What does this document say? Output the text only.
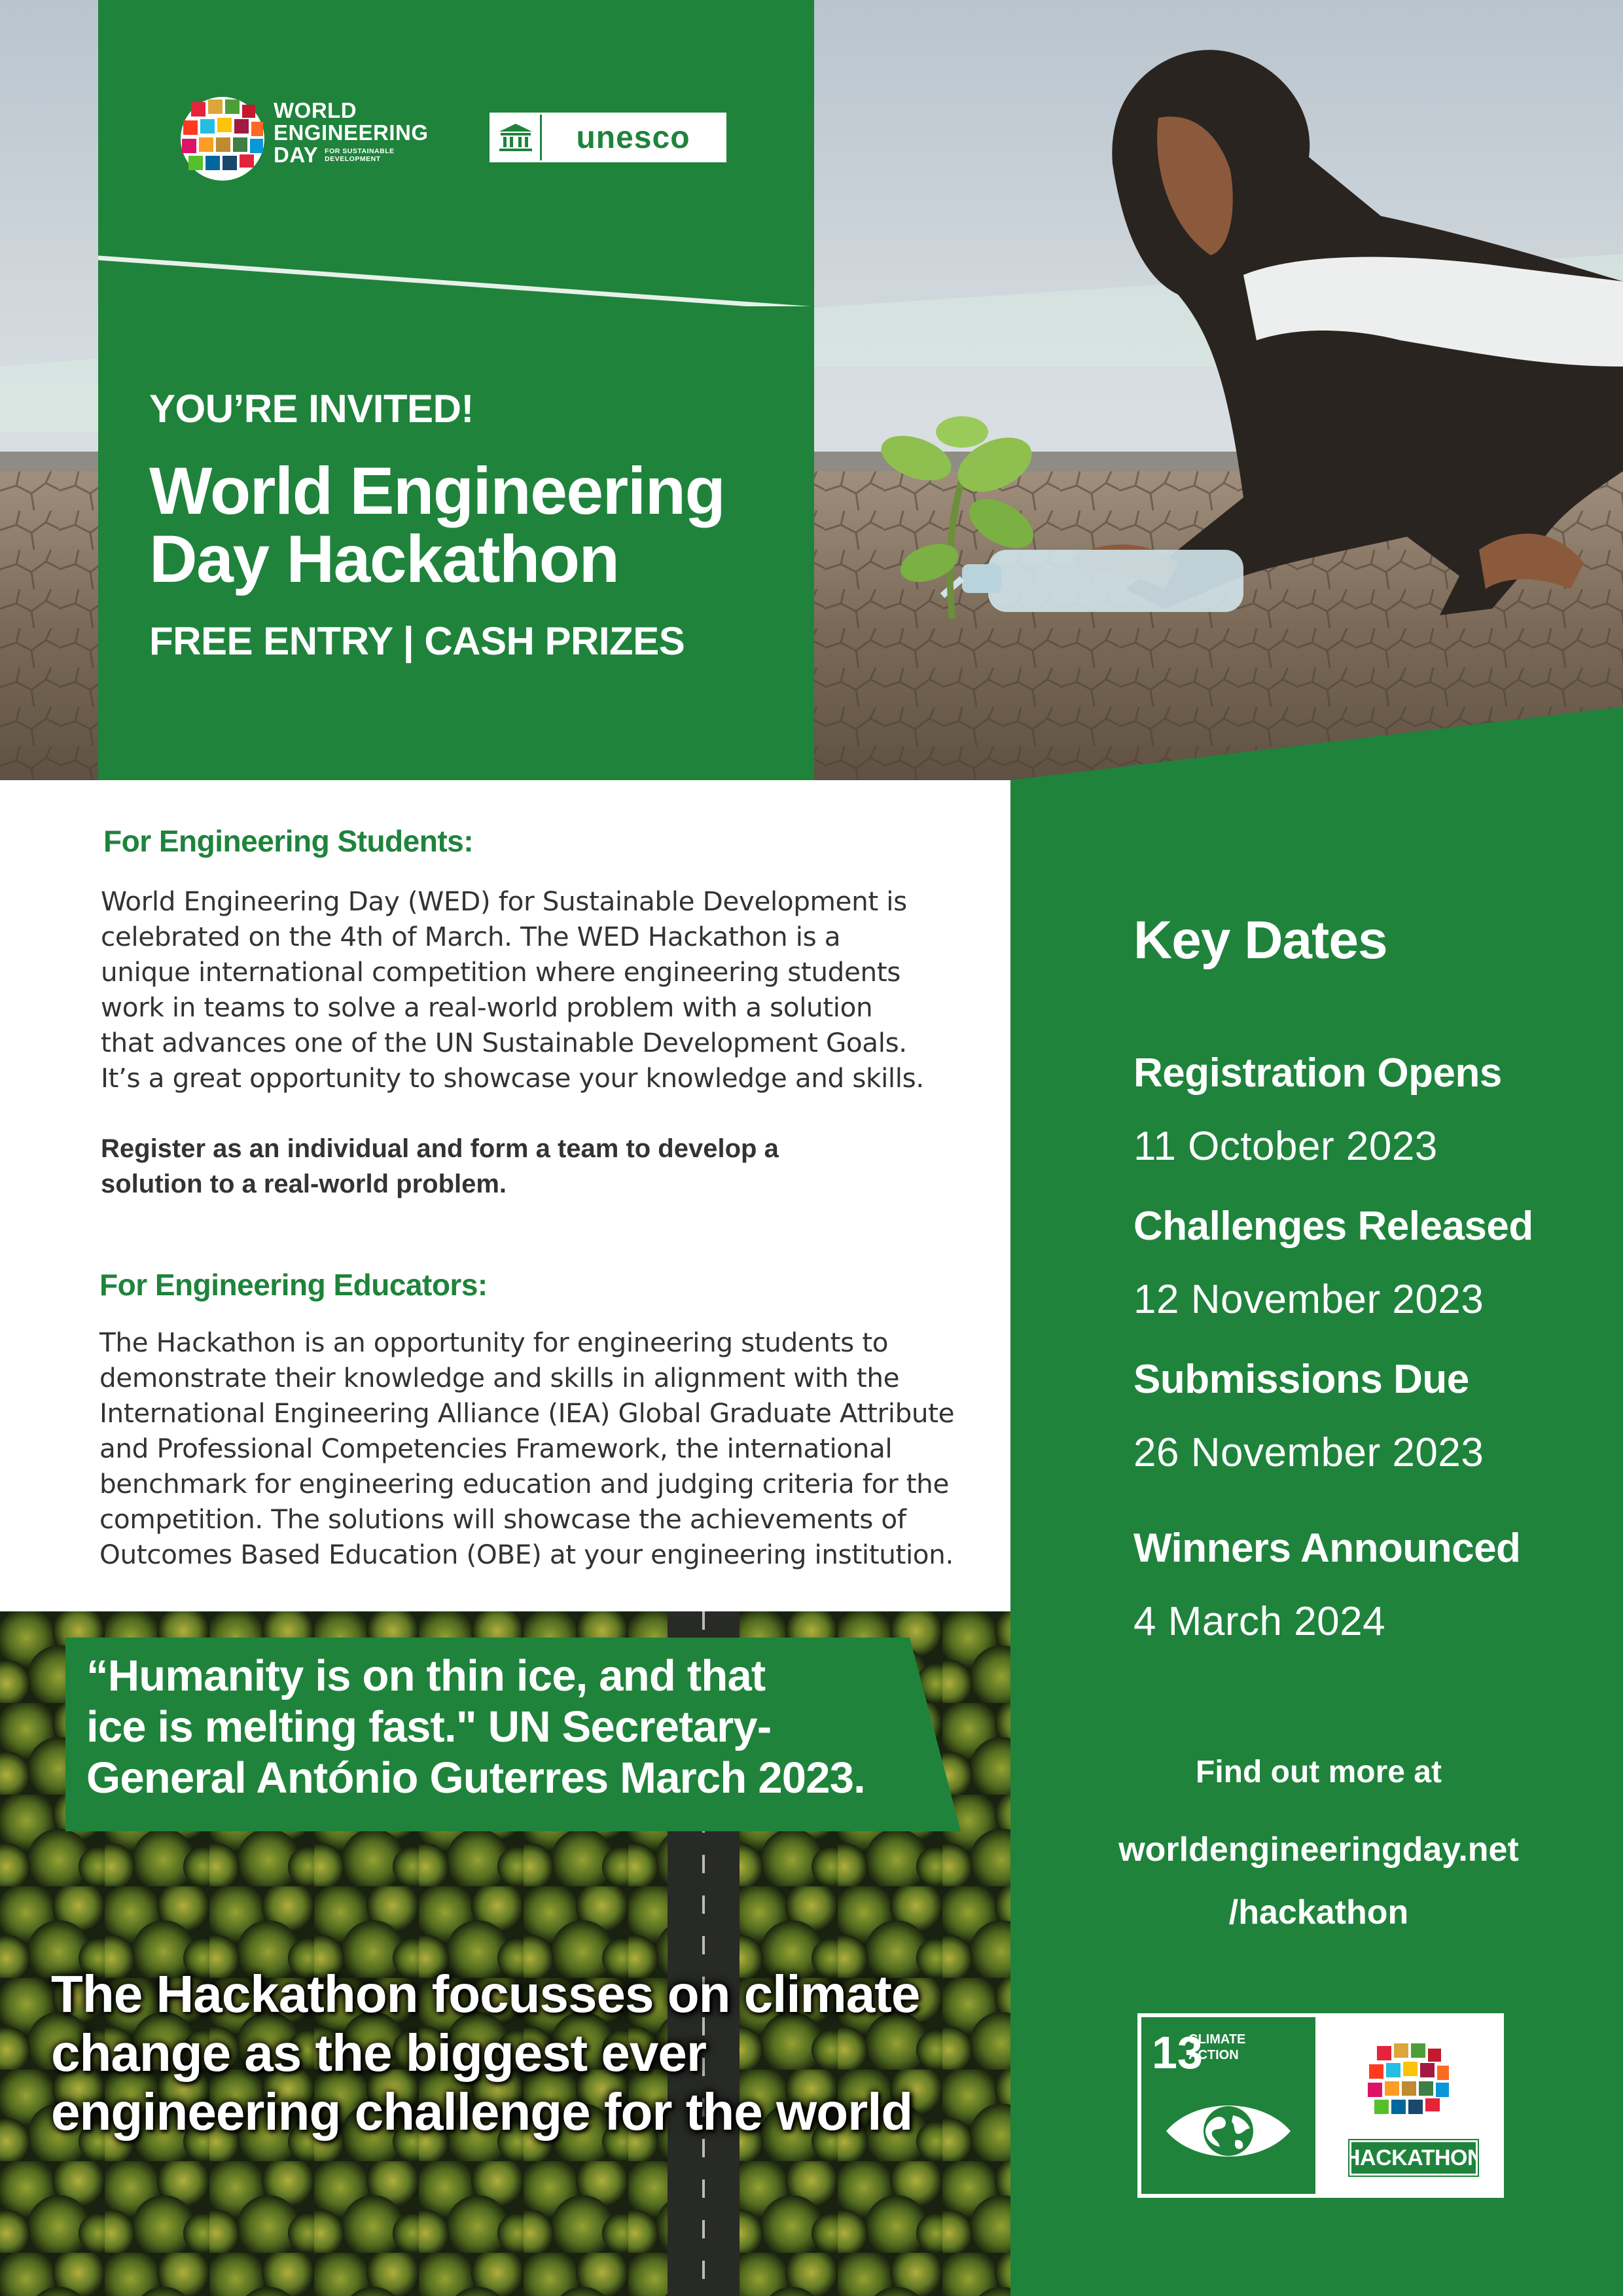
WORLD
ENGINEERING
DAY FOR SUSTAINABLE DEVELOPMENT
unesco
YOU’RE INVITED!
World Engineering
Day Hackathon
FREE ENTRY | CASH PRIZES
Key Dates
Registration Opens
11 October 2023
Challenges Released
12 November 2023
Submissions Due
26 November 2023
Winners Announced
4 March 2024
Find out more at
worldengineeringday.net
/hackathon
13
CLIMATE
ACTION
HACKATHON
For Engineering Students:
World Engineering Day (WED) for Sustainable Development is
celebrated on the 4th of March. The WED Hackathon is a
unique international competition where engineering students
work in teams to solve a real-world problem with a solution
that advances one of the UN Sustainable Development Goals.
It’s a great opportunity to showcase your knowledge and skills.
Register as an individual and form a team to develop a
solution to a real-world problem.
For Engineering Educators:
The Hackathon is an opportunity for engineering students to
demonstrate their knowledge and skills in alignment with the
International Engineering Alliance (IEA) Global Graduate Attribute
and Professional Competencies Framework, the international
benchmark for engineering education and judging criteria for the
competition. The solutions will showcase the achievements of
Outcomes Based Education (OBE) at your engineering institution.
“Humanity is on thin ice, and that
ice is melting fast." UN Secretary-
General António Guterres March 2023.
The Hackathon focusses on climate
change as the biggest ever
engineering challenge for the world
